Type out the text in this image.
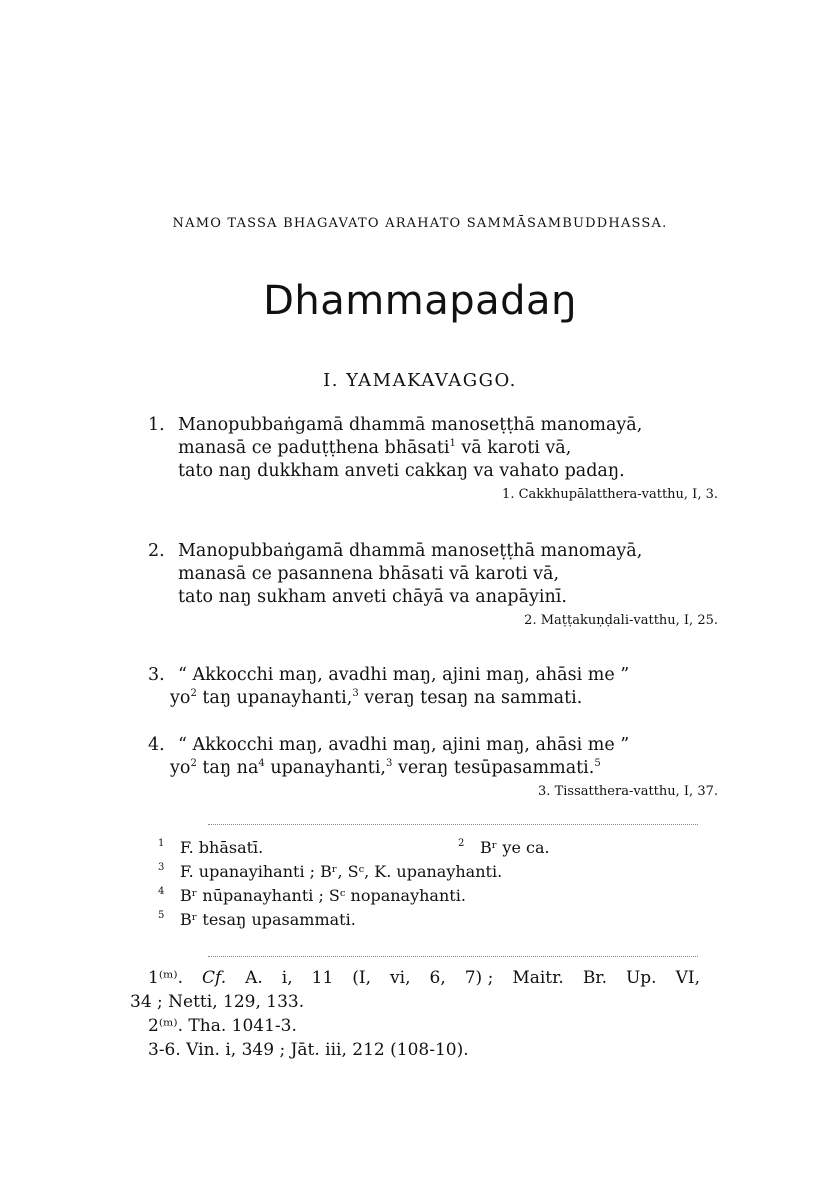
NAMO TASSA BHAGAVATO ARAHATO SAMMĀSAMBUDDHASSA.
Dhammapadaŋ
I. YAMAKAVAGGO.
1. Manopubbaṅgamā dhammā manoseṭṭhā manomayā,
manasā ce paduṭṭhena bhāsati$^1$ vā karoti vā,
tato naŋ dukkham anveti cakkaŋ va vahato padaŋ.
1. Cakkhupālatthera-vatthu, I, 3.
2. Manopubbaṅgamā dhammā manoseṭṭhā manomayā,
manasā ce pasannena bhāsati vā karoti vā,
tato naŋ sukham anveti chāyā va anapāyinī.
2. Maṭṭakuṇḍali-vatthu, I, 25.
3. “ Akkocchi maŋ, avadhi maŋ, ajini maŋ, ahāsi me ”
$yo^2$ taŋ upanayhanti,$^3$ veraŋ tesaŋ na sammati.
4. “ Akkocchi maŋ, avadhi maŋ, ajini maŋ, ahāsi me ”
$yo^2$ taŋ $na^4$ upanayhanti,$^3$ veraŋ tesūpasammati.$^5$
3. Tissatthera-vatthu, I, 37.
$^1$ F. bhāsatī.	$^2$ Bʳ ye ca.
$^3$ F. upanayihanti ; Bʳ, Sᶜ, K. upanayhanti.
$^4$ Bʳ nūpanayhanti ; Sᶜ nopanayhanti.
$^5$ Bʳ tesaŋ upasammati.
1⁽ᵐ⁾. Cf. A. i, 11 (I, vi, 6, 7) ; Maitr. Br. Up. VI,
34 ; Netti, 129, 133.
2⁽ᵐ⁾. Tha. 1041-3.
3-6. Vin. i, 349 ; Jāt. iii, 212 (108-10).
